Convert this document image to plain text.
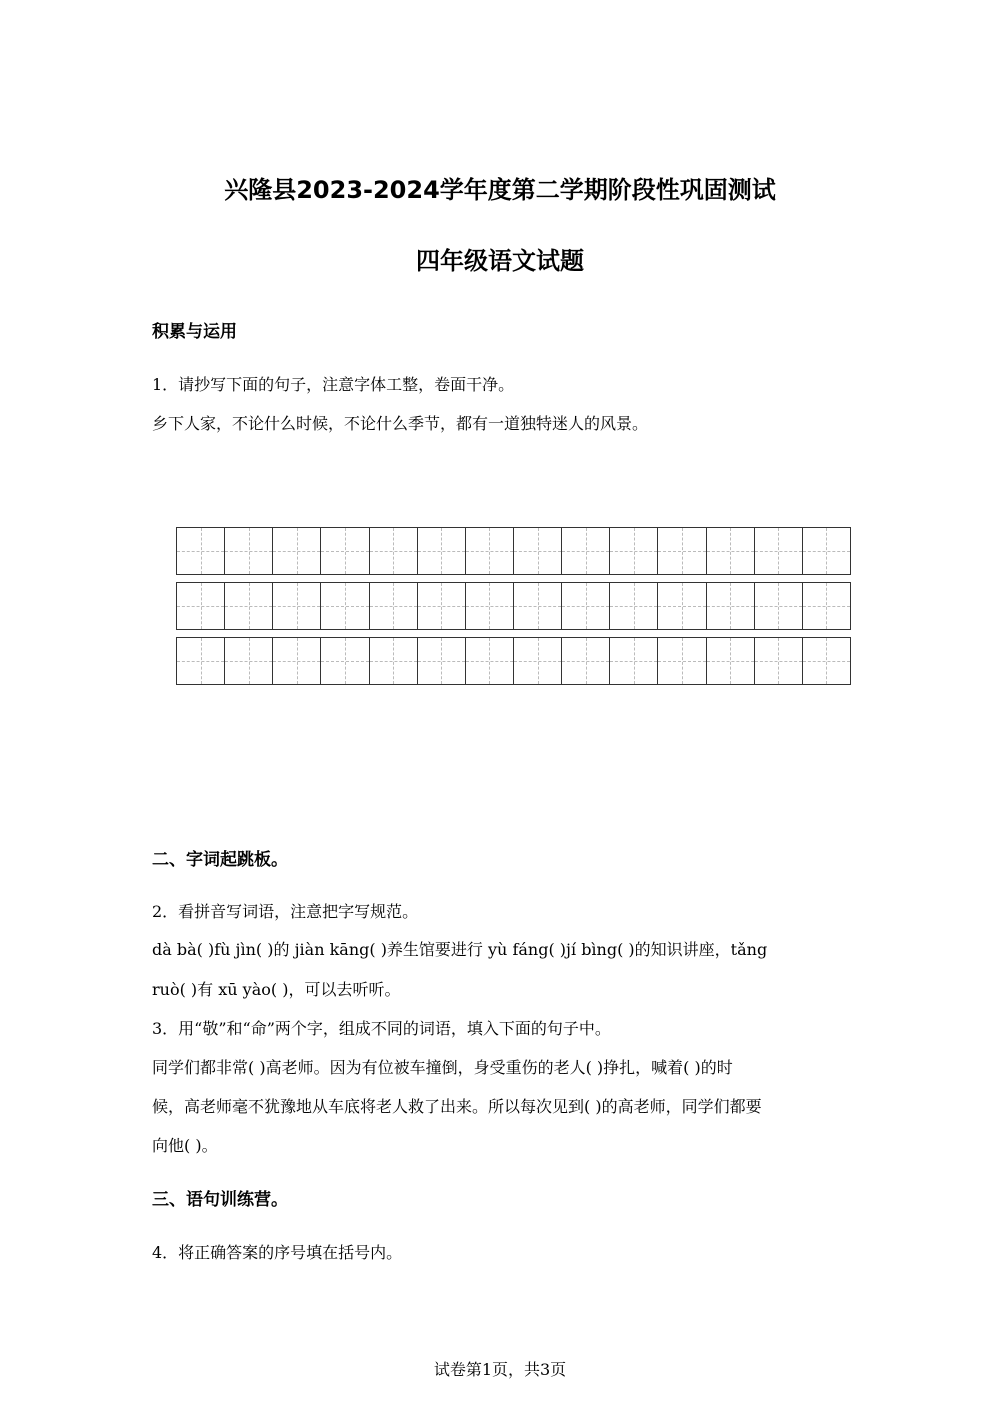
兴隆县2023-2024学年度第二学期阶段性巩固测试
四年级语文试题
积累与运用
1．请抄写下面的句子，注意字体工整，卷面干净。
乡下人家，不论什么时候，不论什么季节，都有一道独特迷人的风景。
二、字词起跳板。
2．看拼音写词语，注意把字写规范。
dà bà( )fù jìn( )的 jiàn kāng( )养生馆要进行 yù fáng( )jí bìng( )的知识讲座，tǎng
ruò( )有 xū yào( )，可以去听听。
3．用“敬”和“命”两个字，组成不同的词语，填入下面的句子中。
同学们都非常( )高老师。因为有位被车撞倒，身受重伤的老人( )挣扎，喊着( )的时
候，高老师毫不犹豫地从车底将老人救了出来。所以每次见到( )的高老师，同学们都要
向他( )。
三、语句训练营。
4．将正确答案的序号填在括号内。
试卷第1页，共3页
